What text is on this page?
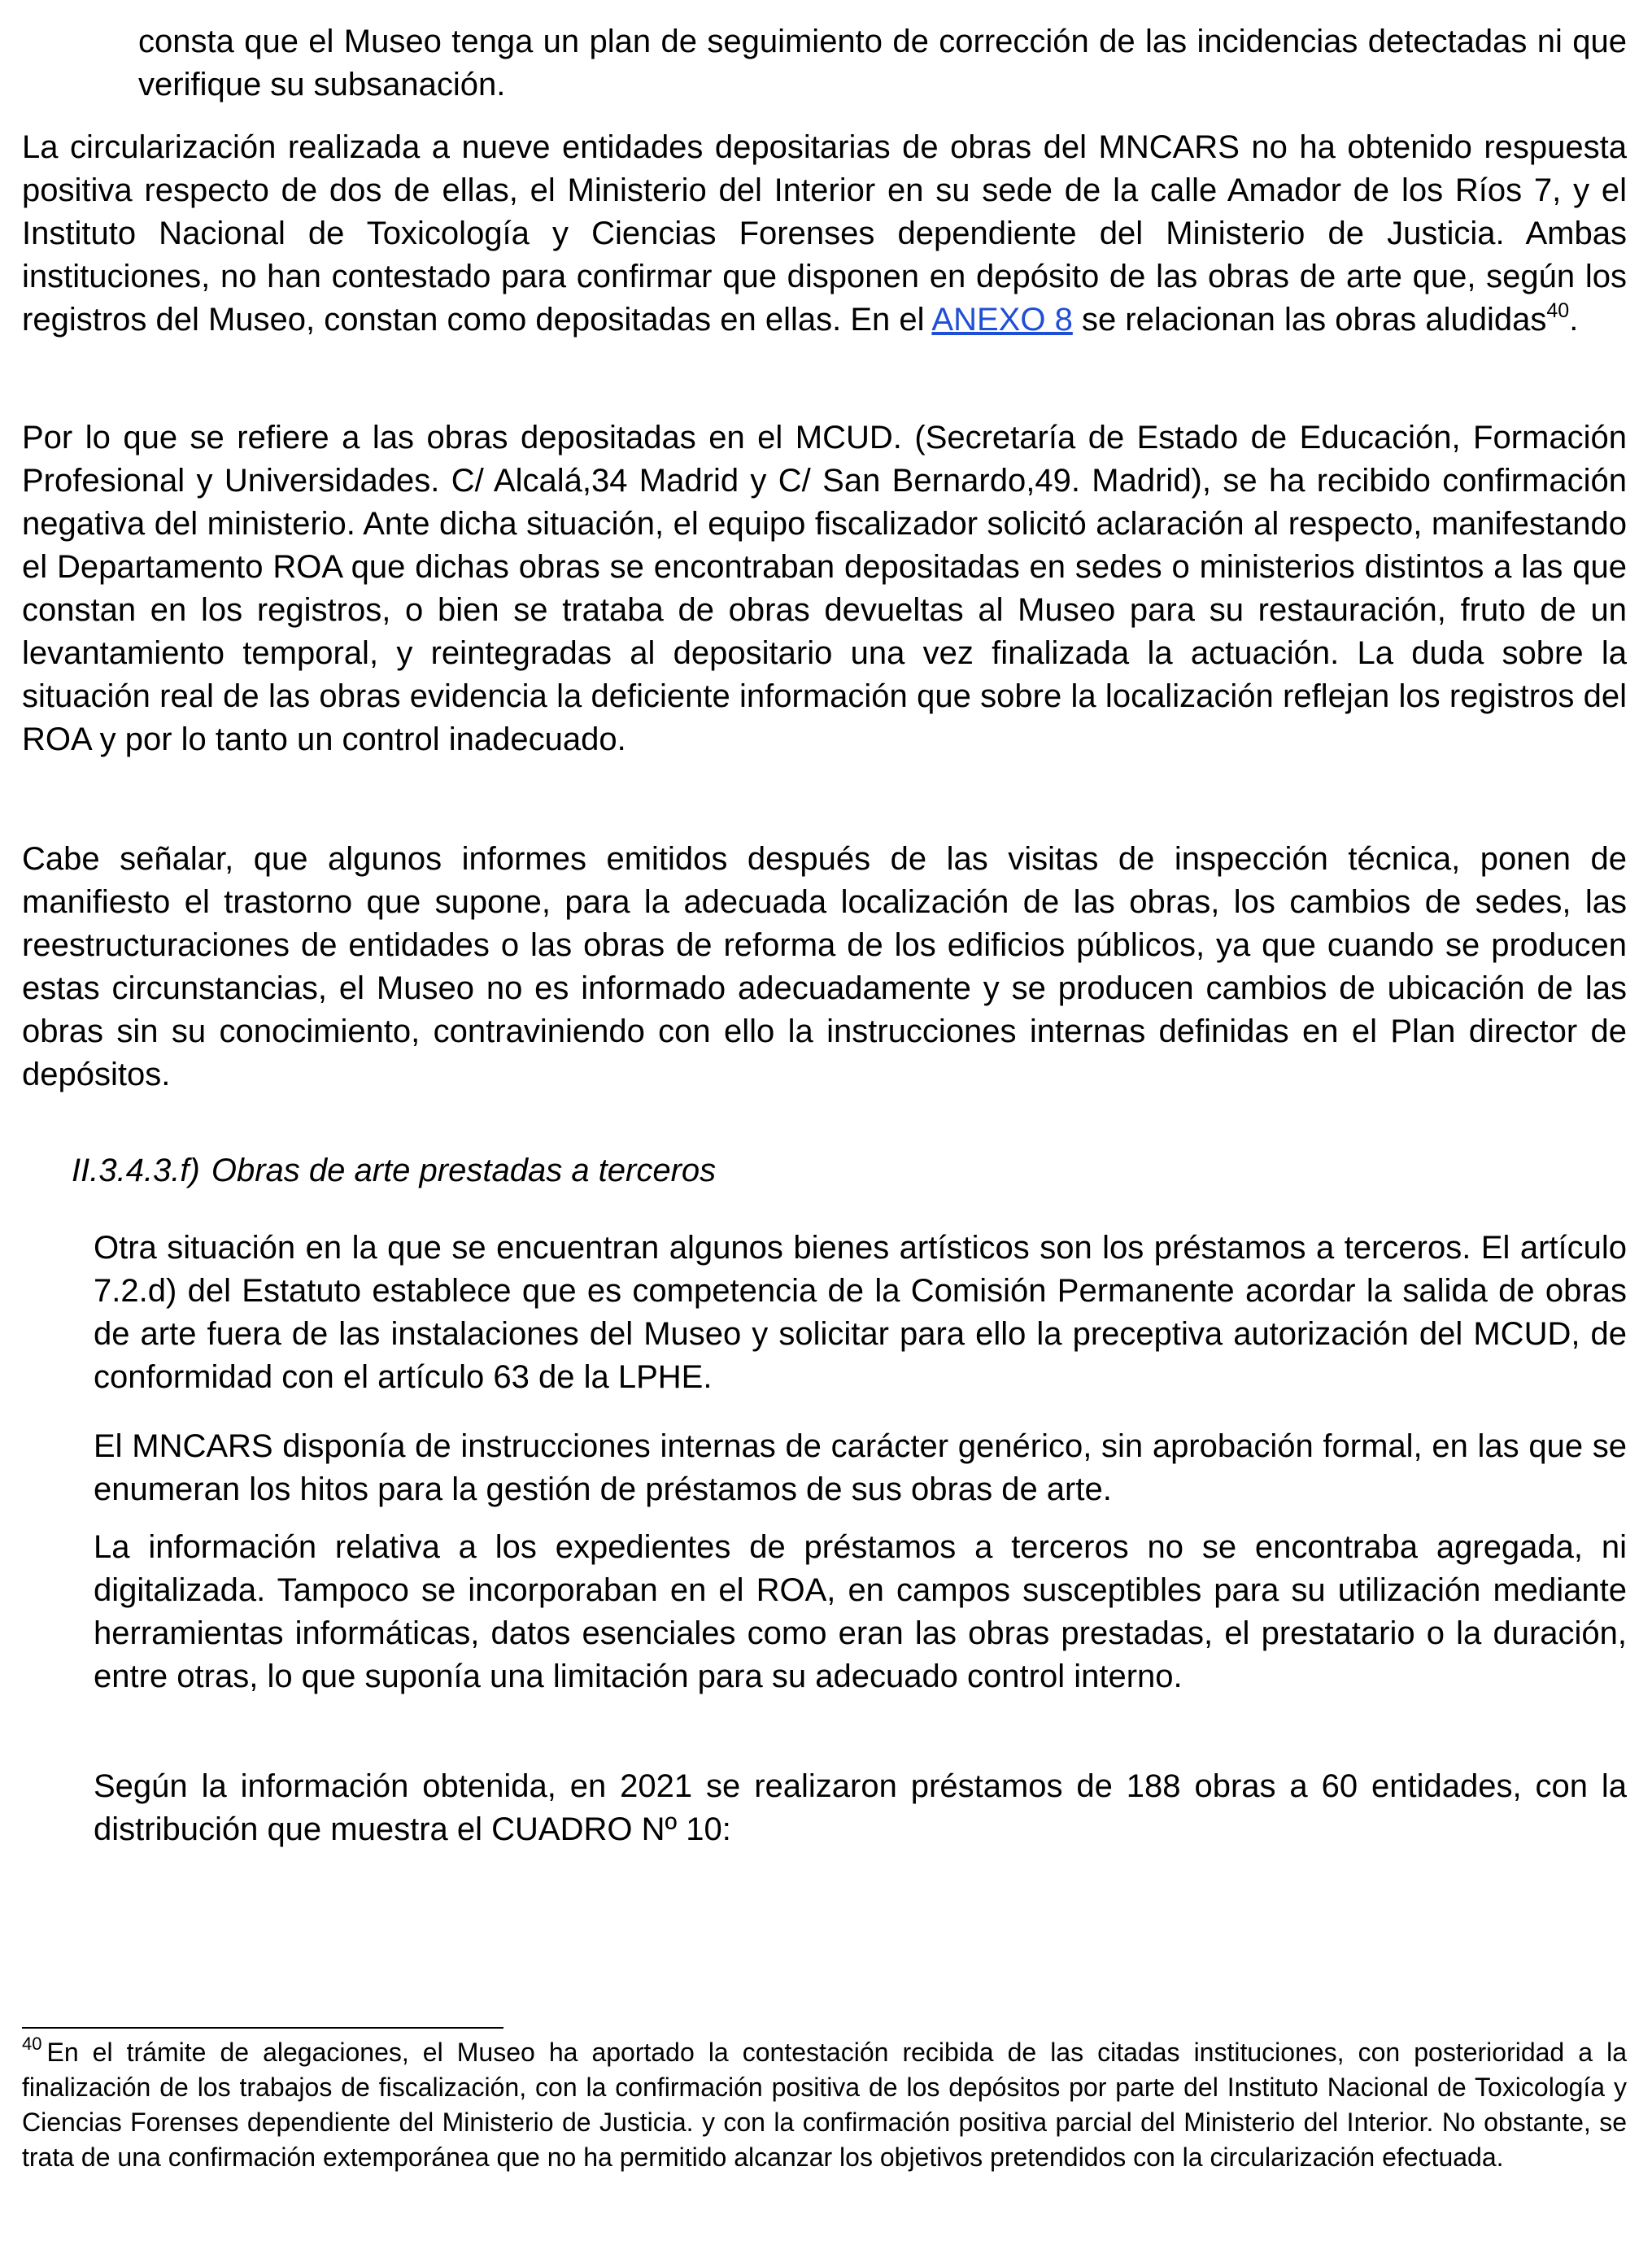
consta que el Museo tenga un plan de seguimiento de corrección de las incidencias detectadas ni que verifique su subsanación.

La circularización realizada a nueve entidades depositarias de obras del MNCARS no ha obtenido respuesta positiva respecto de dos de ellas, el Ministerio del Interior en su sede de la calle Amador de los Ríos 7, y el Instituto Nacional de Toxicología y Ciencias Forenses dependiente del Ministerio de Justicia. Ambas instituciones, no han contestado para confirmar que disponen en depósito de las obras de arte que, según los registros del Museo, constan como depositadas en ellas. En el ANEXO 8 se relacionan las obras aludidas$^{40}$.

Por lo que se refiere a las obras depositadas en el MCUD. (Secretaría de Estado de Educación, Formación Profesional y Universidades. C/ Alcalá,34 Madrid y C/ San Bernardo,49. Madrid), se ha recibido confirmación negativa del ministerio. Ante dicha situación, el equipo fiscalizador solicitó aclaración al respecto, manifestando el Departamento ROA que dichas obras se encontraban depositadas en sedes o ministerios distintos a las que constan en los registros, o bien se trataba de obras devueltas al Museo para su restauración, fruto de un levantamiento temporal, y reintegradas al depositario una vez finalizada la actuación. La duda sobre la situación real de las obras evidencia la deficiente información que sobre la localización reflejan los registros del ROA y por lo tanto un control inadecuado.

Cabe señalar, que algunos informes emitidos después de las visitas de inspección técnica, ponen de manifiesto el trastorno que supone, para la adecuada localización de las obras, los cambios de sedes, las reestructuraciones de entidades o las obras de reforma de los edificios públicos, ya que cuando se producen estas circunstancias, el Museo no es informado adecuadamente y se producen cambios de ubicación de las obras sin su conocimiento, contraviniendo con ello la instrucciones internas definidas en el Plan director de depósitos.

II.3.4.3.f) Obras de arte prestadas a terceros

Otra situación en la que se encuentran algunos bienes artísticos son los préstamos a terceros. El artículo 7.2.d) del Estatuto establece que es competencia de la Comisión Permanente acordar la salida de obras de arte fuera de las instalaciones del Museo y solicitar para ello la preceptiva autorización del MCUD, de conformidad con el artículo 63 de la LPHE.

El MNCARS disponía de instrucciones internas de carácter genérico, sin aprobación formal, en las que se enumeran los hitos para la gestión de préstamos de sus obras de arte.

La información relativa a los expedientes de préstamos a terceros no se encontraba agregada, ni digitalizada. Tampoco se incorporaban en el ROA, en campos susceptibles para su utilización mediante herramientas informáticas, datos esenciales como eran las obras prestadas, el prestatario o la duración, entre otras, lo que suponía una limitación para su adecuado control interno.

Según la información obtenida, en 2021 se realizaron préstamos de 188 obras a 60 entidades, con la distribución que muestra el CUADRO Nº 10:

$^{40}$ En el trámite de alegaciones, el Museo ha aportado la contestación recibida de las citadas instituciones, con posterioridad a la finalización de los trabajos de fiscalización, con la confirmación positiva de los depósitos por parte del Instituto Nacional de Toxicología y Ciencias Forenses dependiente del Ministerio de Justicia. y con la confirmación positiva parcial del Ministerio del Interior. No obstante, se trata de una confirmación extemporánea que no ha permitido alcanzar los objetivos pretendidos con la circularización efectuada.
